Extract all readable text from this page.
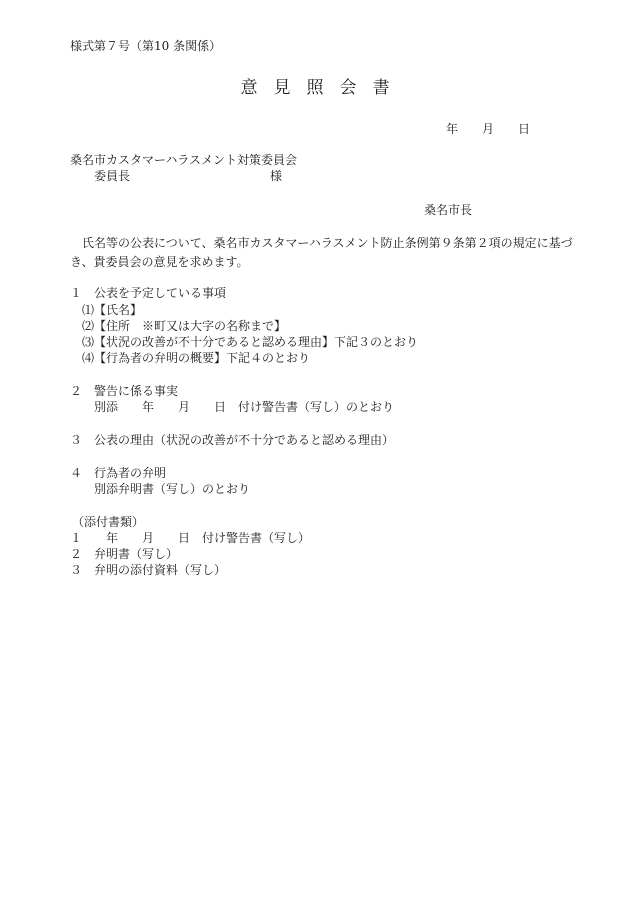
様式第７号（第10 条関係）
意 見 照 会 書
年 月 日
桑名市カスタマーハラスメント対策委員会
委員長	様
桑名市長
　氏名等の公表について、桑名市カスタマーハラスメント防止条例第９条第２項の規定に基づき、貴委員会の意見を求めます。
１　公表を予定している事項
⑴【氏名】
⑵【住所　※町又は大字の名称まで】
⑶【状況の改善が不十分であると認める理由】下記３のとおり
⑷【行為者の弁明の概要】下記４のとおり
２　警告に係る事実
別添　　年　　月　　日　付け警告書（写し）のとおり
３　公表の理由（状況の改善が不十分であると認める理由）
４　行為者の弁明
別添弁明書（写し）のとおり
（添付書類）
１　　年　　月　　日　付け警告書（写し）
２　弁明書（写し）
３　弁明の添付資料（写し）
